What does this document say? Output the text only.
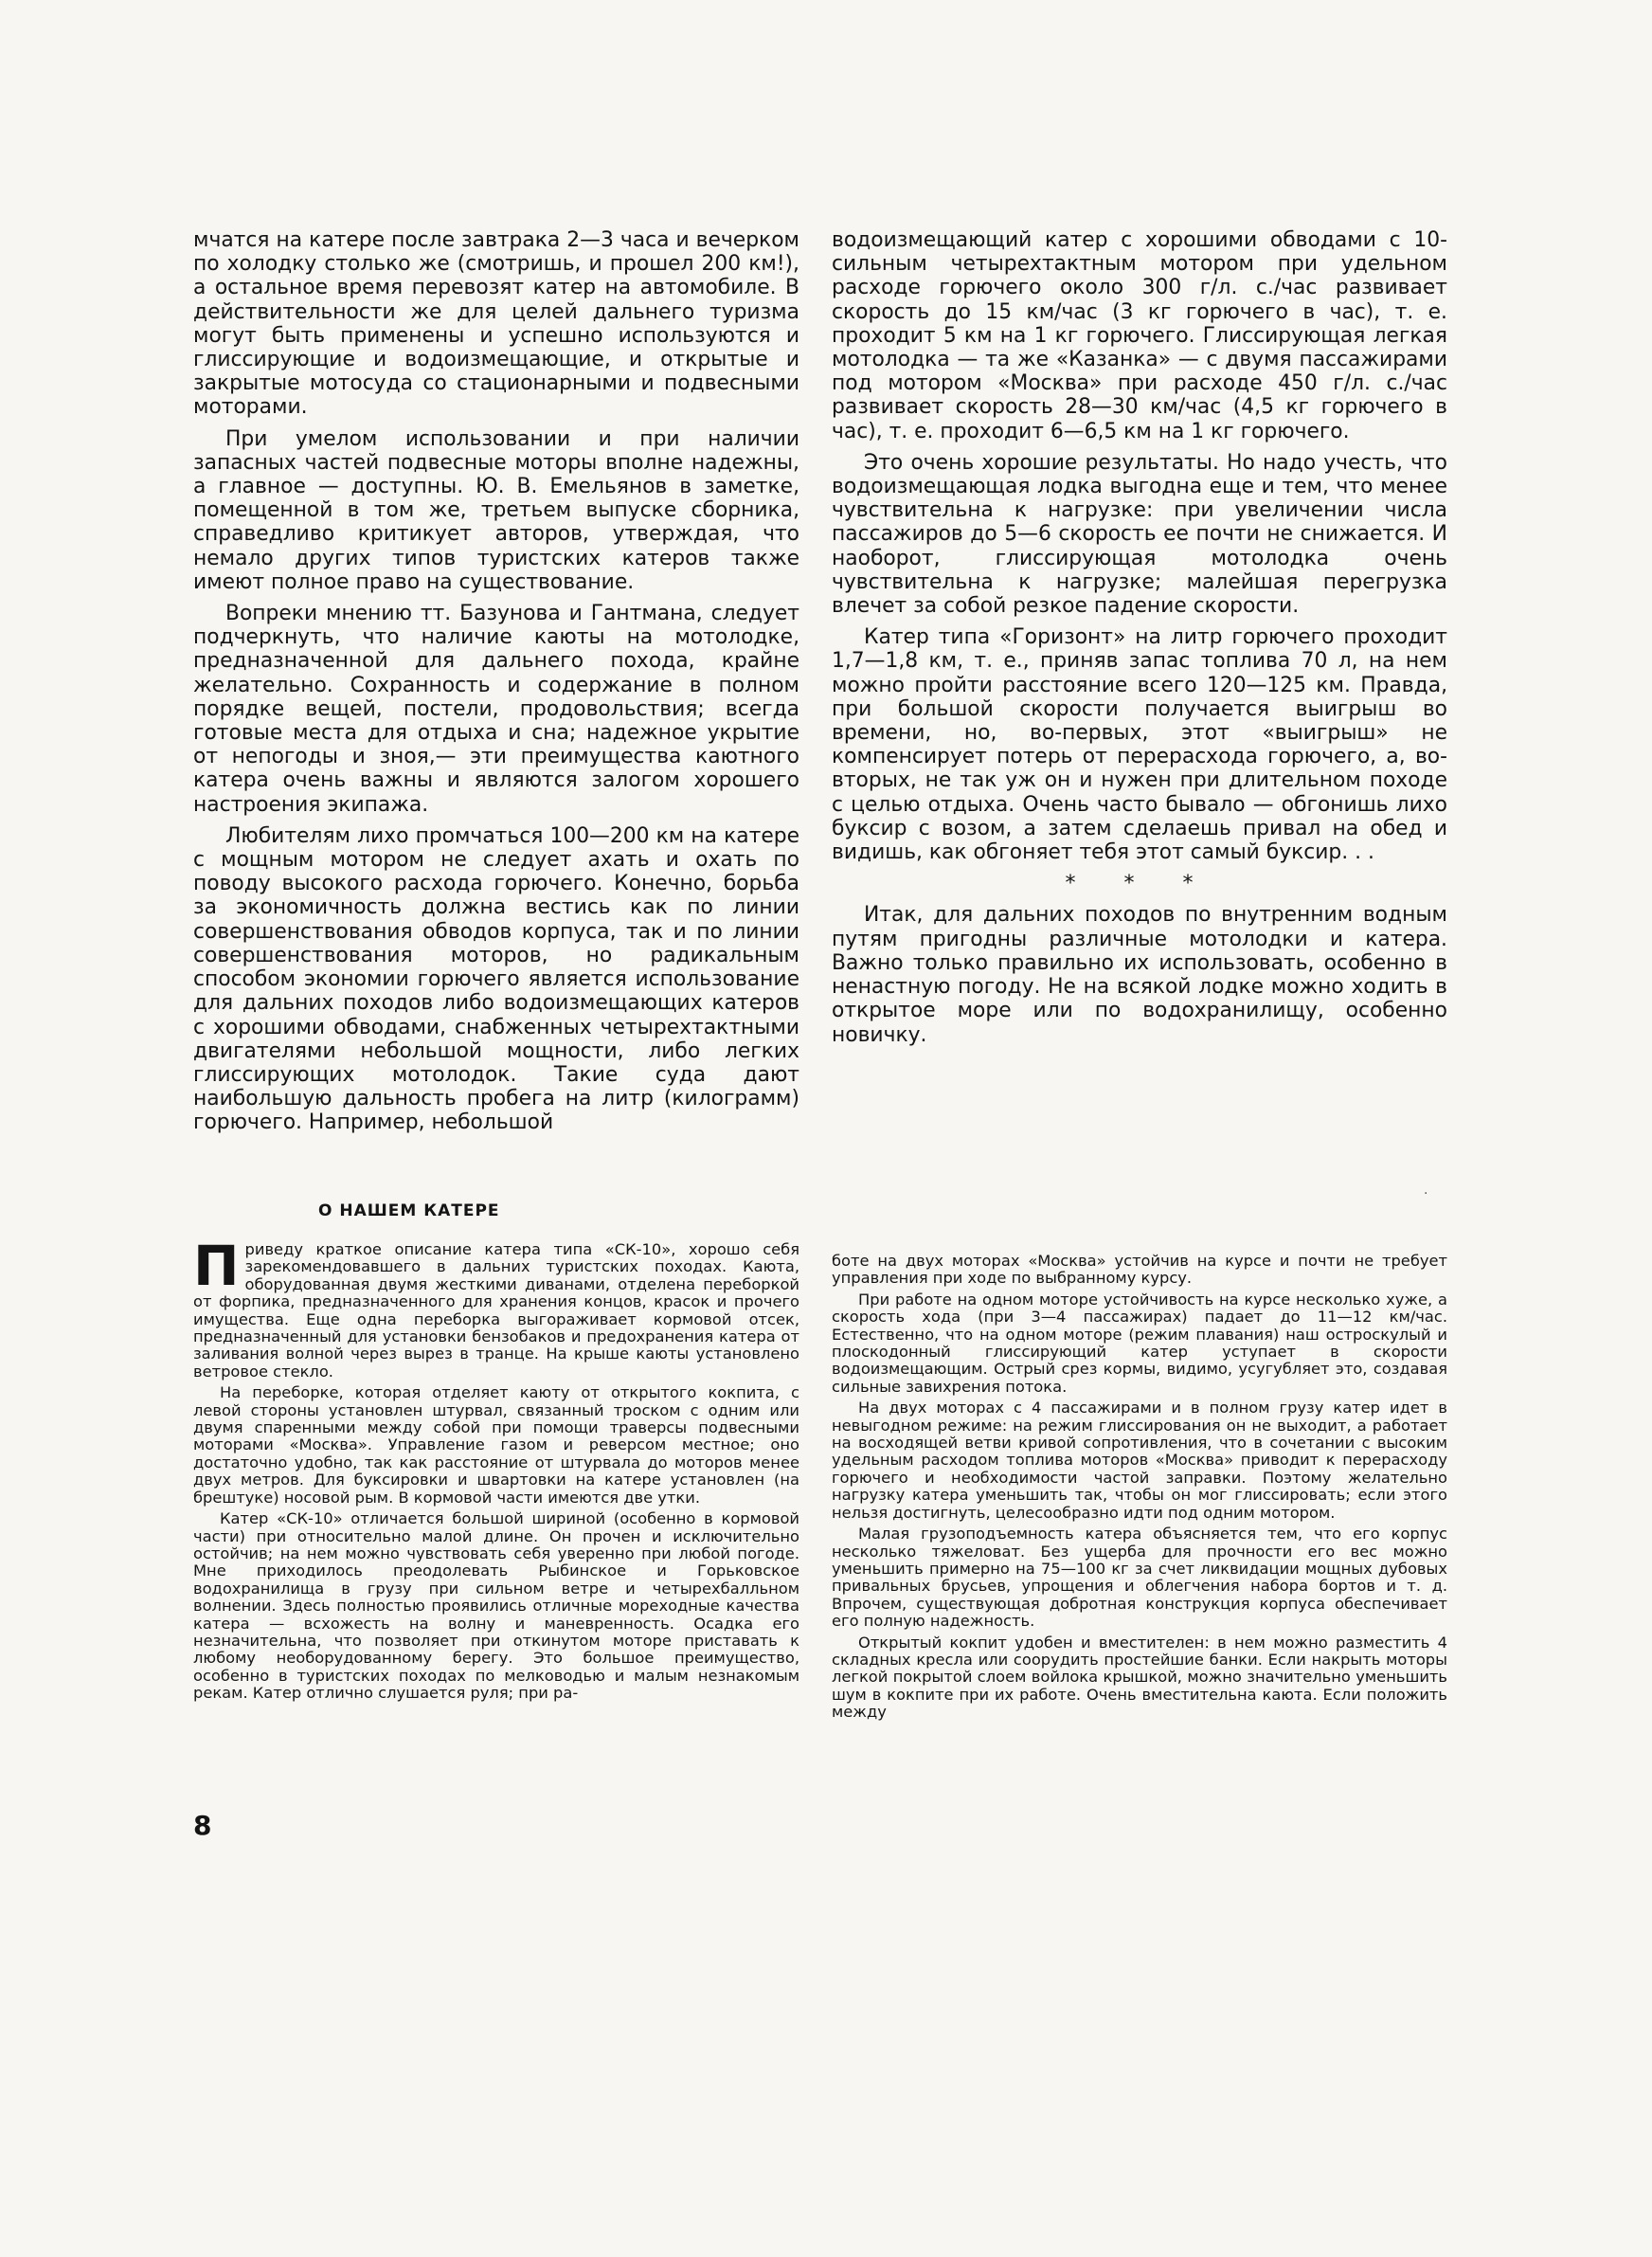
мчатся на катере после завтрака 2—3 часа и вечерком по холодку столько же (смотришь, и прошел 200 км!), а остальное время перевозят катер на автомобиле. В действительности же для целей дальнего туризма могут быть применены и успешно используются и глиссирующие и водоизмещающие, и открытые и закрытые мотосуда со стационарными и подвесными моторами.

При умелом использовании и при наличии запасных частей подвесные моторы вполне надежны, а главное — доступны. Ю. В. Емельянов в заметке, помещенной в том же, третьем выпуске сборника, справедливо критикует авторов, утверждая, что немало других типов туристских катеров также имеют полное право на существование.

Вопреки мнению тт. Базунова и Гантмана, следует подчеркнуть, что наличие каюты на мотолодке, предназначенной для дальнего похода, крайне желательно. Сохранность и содержание в полном порядке вещей, постели, продовольствия; всегда готовые места для отдыха и сна; надежное укрытие от непогоды и зноя,— эти преимущества каютного катера очень важны и являются залогом хорошего настроения экипажа.

Любителям лихо промчаться 100—200 км на катере с мощным мотором не следует ахать и охать по поводу высокого расхода горючего. Конечно, борьба за экономичность должна вестись как по линии совершенствования обводов корпуса, так и по линии совершенствования моторов, но радикальным способом экономии горючего является использование для дальних походов либо водоизмещающих катеров с хорошими обводами, снабженных четырехтактными двигателями небольшой мощности, либо легких глиссирующих мотолодок. Такие суда дают наибольшую дальность пробега на литр (килограмм) горючего. Например, небольшой

водоизмещающий катер с хорошими обводами с 10-сильным четырехтактным мотором при удельном расходе горючего около 300 г/л. с./час развивает скорость до 15 км/час (3 кг горючего в час), т. е. проходит 5 км на 1 кг горючего. Глиссирующая легкая мотолодка — та же «Казанка» — с двумя пассажирами под мотором «Москва» при расходе 450 г/л. с./час развивает скорость 28—30 км/час (4,5 кг горючего в час), т. е. проходит 6—6,5 км на 1 кг горючего.

Это очень хорошие результаты. Но надо учесть, что водоизмещающая лодка выгодна еще и тем, что менее чувствительна к нагрузке: при увеличении числа пассажиров до 5—6 скорость ее почти не снижается. И наоборот, глиссирующая мотолодка очень чувствительна к нагрузке; малейшая перегрузка влечет за собой резкое падение скорости.

Катер типа «Горизонт» на литр горючего проходит 1,7—1,8 км, т. е., приняв запас топлива 70 л, на нем можно пройти расстояние всего 120—125 км. Правда, при большой скорости получается выигрыш во времени, но, во-первых, этот «выигрыш» не компенсирует потерь от перерасхода горючего, а, во-вторых, не так уж он и нужен при длительном походе с целью отдыха. Очень часто бывало — обгонишь лихо буксир с возом, а затем сделаешь привал на обед и видишь, как обгоняет тебя этот самый буксир. . .

* * *

Итак, для дальних походов по внутренним водным путям пригодны различные мотолодки и катера. Важно только правильно их использовать, особенно в ненастную погоду. Не на всякой лодке можно ходить в открытое море или по водохранилищу, особенно новичку.

·
О НАШЕМ КАТЕРЕ

Приведу краткое описание катера типа «СК-10», хорошо себя зарекомендовавшего в дальних туристских походах. Каюта, оборудованная двумя жесткими диванами, отделена переборкой от форпика, предназначенного для хранения концов, красок и прочего имущества. Еще одна переборка выгораживает кормовой отсек, предназначенный для установки бензобаков и предохранения катера от заливания волной через вырез в транце. На крыше каюты установлено ветровое стекло.

На переборке, которая отделяет каюту от открытого кокпита, с левой стороны установлен штурвал, связанный троском с одним или двумя спаренными между собой при помощи траверсы подвесными моторами «Москва». Управление газом и реверсом местное; оно достаточно удобно, так как расстояние от штурвала до моторов менее двух метров. Для буксировки и швартовки на катере установлен (на брештуке) носовой рым. В кормовой части имеются две утки.

Катер «СК-10» отличается большой шириной (особенно в кормовой части) при относительно малой длине. Он прочен и исключительно остойчив; на нем можно чувствовать себя уверенно при любой погоде. Мне приходилось преодолевать Рыбинское и Горьковское водохранилища в грузу при сильном ветре и четырехбалльном волнении. Здесь полностью проявились отличные мореходные качества катера — всхожесть на волну и маневренность. Осадка его незначительна, что позволяет при откинутом моторе приставать к любому необорудованному берегу. Это большое преимущество, особенно в туристских походах по мелководью и малым незнакомым рекам. Катер отлично слушается руля; при ра-

боте на двух моторах «Москва» устойчив на курсе и почти не требует управления при ходе по выбранному курсу.

При работе на одном моторе устойчивость на курсе несколько хуже, а скорость хода (при 3—4 пассажирах) падает до 11—12 км/час. Естественно, что на одном моторе (режим плавания) наш остроскулый и плоскодонный глиссирующий катер уступает в скорости водоизмещающим. Острый срез кормы, видимо, усугубляет это, создавая сильные завихрения потока.

На двух моторах с 4 пассажирами и в полном грузу катер идет в невыгодном режиме: на режим глиссирования он не выходит, а работает на восходящей ветви кривой сопротивления, что в сочетании с высоким удельным расходом топлива моторов «Москва» приводит к перерасходу горючего и необходимости частой заправки. Поэтому желательно нагрузку катера уменьшить так, чтобы он мог глиссировать; если этого нельзя достигнуть, целесообразно идти под одним мотором.

Малая грузоподъемность катера объясняется тем, что его корпус несколько тяжеловат. Без ущерба для прочности его вес можно уменьшить примерно на 75—100 кг за счет ликвидации мощных дубовых привальных брусьев, упрощения и облегчения набора бортов и т. д. Впрочем, существующая добротная конструкция корпуса обеспечивает его полную надежность.

Открытый кокпит удобен и вместителен: в нем можно разместить 4 складных кресла или соорудить простейшие банки. Если накрыть моторы легкой покрытой слоем войлока крышкой, можно значительно уменьшить шум в кокпите при их работе. Очень вместительна каюта. Если положить между

8
